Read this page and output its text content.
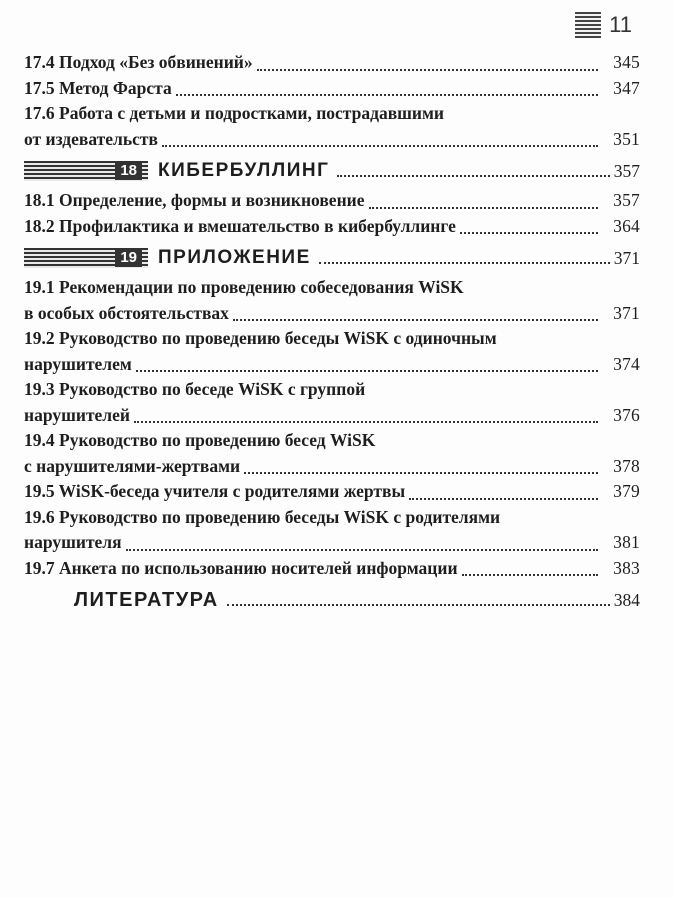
11
17.4 Подход «Без обвинений»	345
17.5 Метод Фарста	347
17.6 Работа с детьми и подростками, пострадавшими
от издевательств	351
18 КИБЕРБУЛЛИНГ	357
18.1 Определение, формы и возникновение	357
18.2 Профилактика и вмешательство в кибербуллинге	364
19 ПРИЛОЖЕНИЕ	371
19.1 Рекомендации по проведению собеседования WiSK
в особых обстоятельствах	371
19.2 Руководство по проведению беседы WiSK с одиночным
нарушителем	374
19.3 Руководство по беседе WiSK с группой
нарушителей	376
19.4 Руководство по проведению бесед WiSK
с нарушителями-жертвами	378
19.5 WiSK-беседа учителя с родителями жертвы	379
19.6 Руководство по проведению беседы WiSK с родителями
нарушителя	381
19.7 Анкета по использованию носителей информации	383
ЛИТЕРАТУРА	384
